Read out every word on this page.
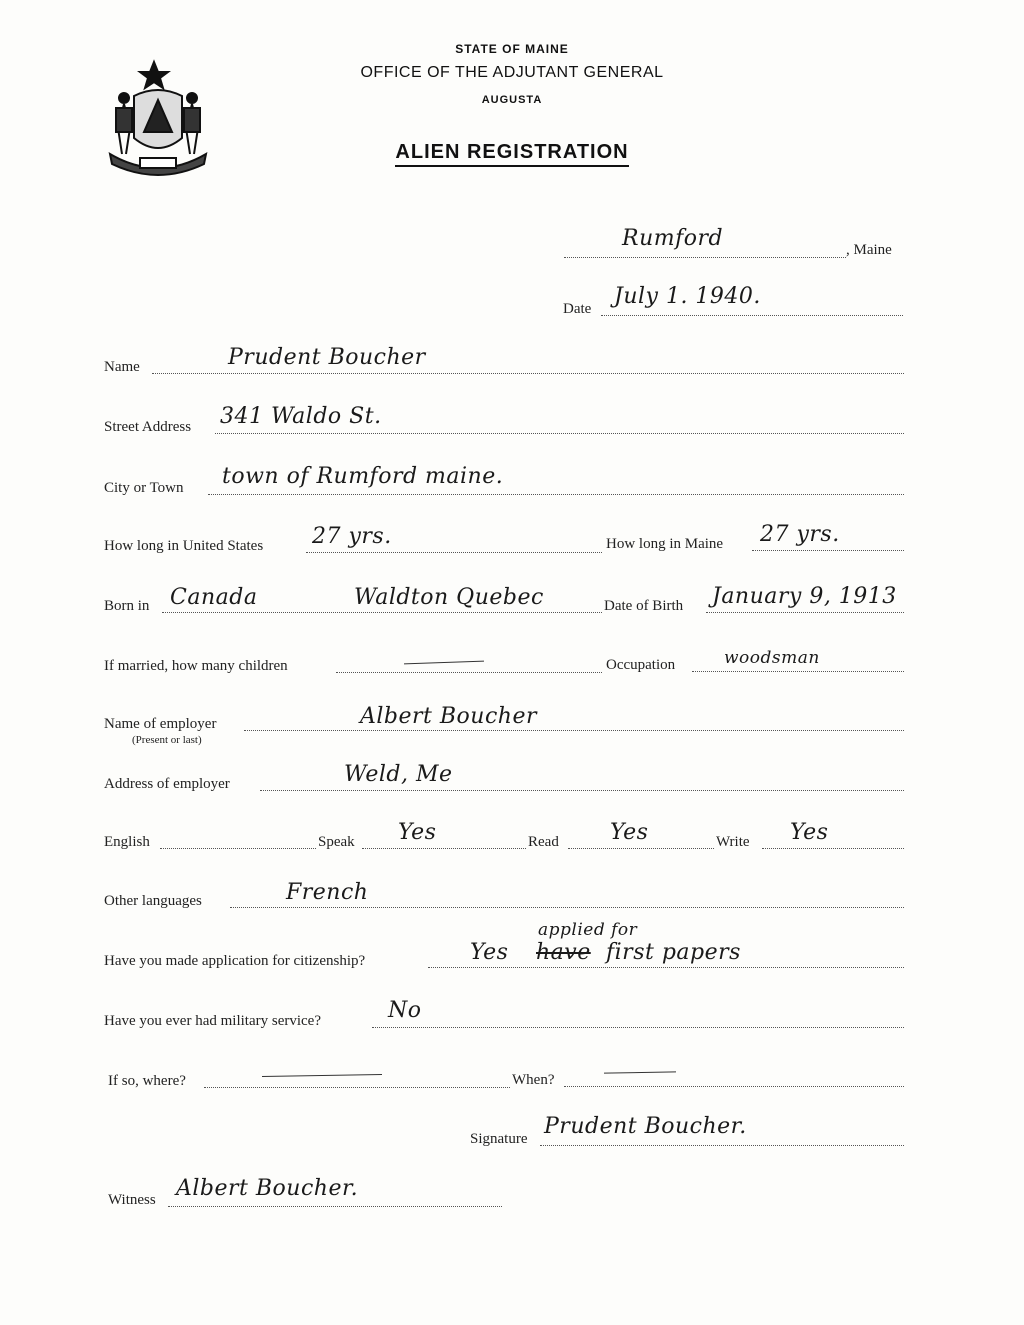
STATE OF MAINE
OFFICE OF THE ADJUTANT GENERAL
AUGUSTA
ALIEN REGISTRATION
Rumford	, Maine
Date July 1. 1940.
Name	Prudent Boucher
Street Address 341 Waldo St.
City or Town town of Rumford maine.
How long in United States 27 yrs.	How long in Maine 27 yrs.
Born in Canada	Waldton Quebec	Date of Birth January 9, 1913
If married, how many children	Occupation	woodsman
Name of employer
(Present or last)
Albert Boucher
Address of employer	Weld, Me
English	Speak Yes	Read Yes	Write Yes
Other languages	French
Have you made application for citizenship?
applied for
Yes have first papers
Have you ever had military service?	No
If so, where?	When?
Signature Prudent Boucher.
Witness Albert Boucher.
